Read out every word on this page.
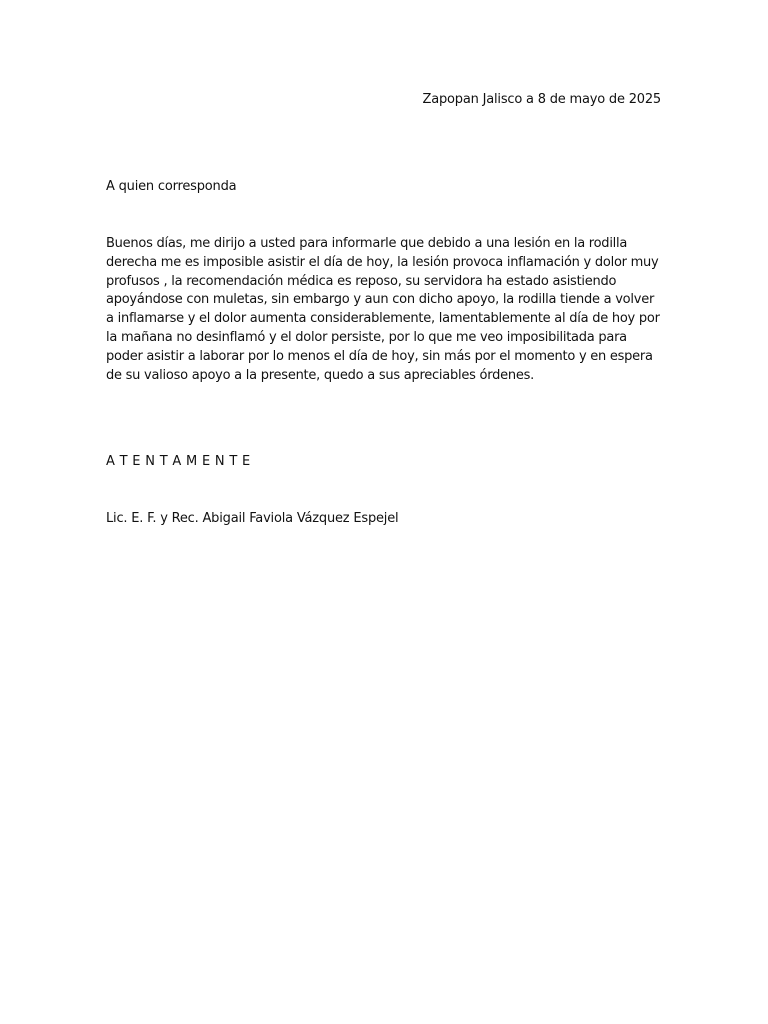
Zapopan Jalisco a 8 de mayo de 2025
A quien corresponda

Buenos días, me dirijo a usted para informarle que debido a una lesión en la rodilla derecha me es imposible asistir el día de hoy, la lesión provoca inflamación y dolor muy profusos , la recomendación médica es reposo, su servidora ha estado asistiendo apoyándose con muletas, sin embargo y aun con dicho apoyo, la rodilla tiende a volver a inflamarse y el dolor aumenta considerablemente, lamentablemente al día de hoy por la mañana no desinflamó y el dolor persiste, por lo que me veo imposibilitada para poder asistir a laborar por lo menos el día de hoy, sin más por el momento y en espera de su valioso apoyo a la presente, quedo a sus apreciables órdenes.

A T E N T A M E N T E
Lic. E. F. y Rec. Abigail Faviola Vázquez Espejel
